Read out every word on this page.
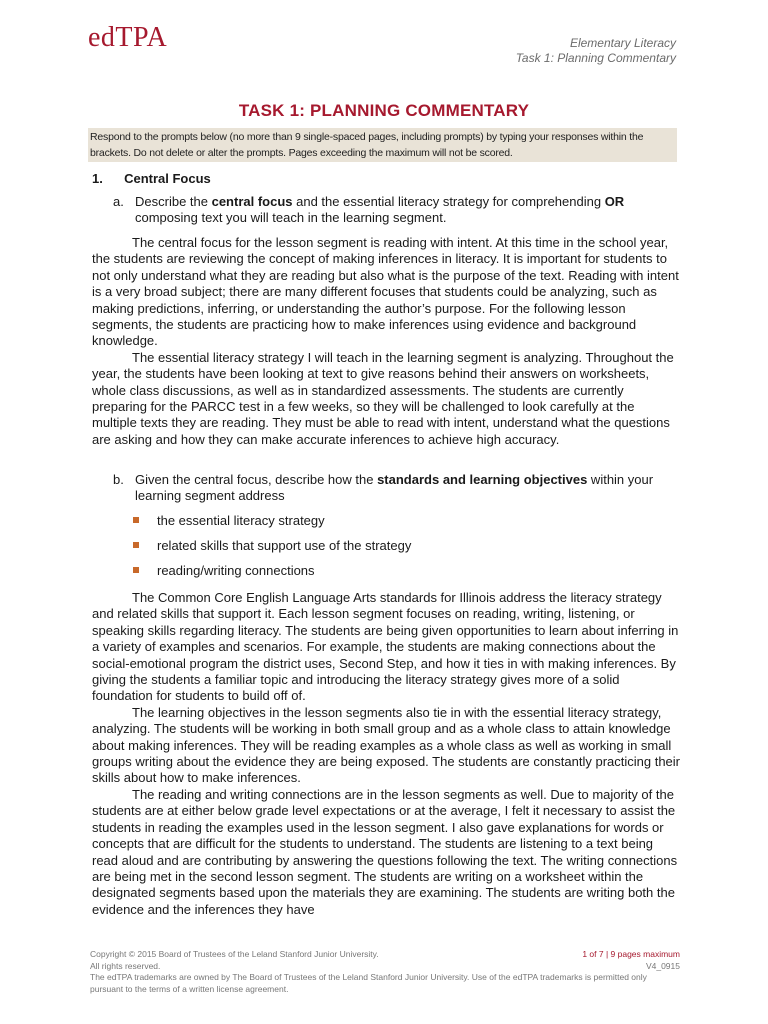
edTPA	Elementary Literacy
Task 1: Planning Commentary
TASK 1: PLANNING COMMENTARY
Respond to the prompts below (no more than 9 single-spaced pages, including prompts) by typing your responses within the brackets. Do not delete or alter the prompts. Pages exceeding the maximum will not be scored.
1. Central Focus
a. Describe the central focus and the essential literacy strategy for comprehending OR composing text you will teach in the learning segment.

The central focus for the lesson segment is reading with intent. At this time in the school year, the students are reviewing the concept of making inferences in literacy. It is important for students to not only understand what they are reading but also what is the purpose of the text. Reading with intent is a very broad subject; there are many different focuses that students could be analyzing, such as making predictions, inferring, or understanding the author’s purpose. For the following lesson segments, the students are practicing how to make inferences using evidence and background knowledge.

The essential literacy strategy I will teach in the learning segment is analyzing. Throughout the year, the students have been looking at text to give reasons behind their answers on worksheets, whole class discussions, as well as in standardized assessments. The students are currently preparing for the PARCC test in a few weeks, so they will be challenged to look carefully at the multiple texts they are reading. They must be able to read with intent, understand what the questions are asking and how they can make accurate inferences to achieve high accuracy.

b. Given the central focus, describe how the standards and learning objectives within your learning segment address
the essential literacy strategy
related skills that support use of the strategy
reading/writing connections

The Common Core English Language Arts standards for Illinois address the literacy strategy and related skills that support it. Each lesson segment focuses on reading, writing, listening, or speaking skills regarding literacy. The students are being given opportunities to learn about inferring in a variety of examples and scenarios. For example, the students are making connections about the social-emotional program the district uses, Second Step, and how it ties in with making inferences. By giving the students a familiar topic and introducing the literacy strategy gives more of a solid foundation for students to build off of.

The learning objectives in the lesson segments also tie in with the essential literacy strategy, analyzing. The students will be working in both small group and as a whole class to attain knowledge about making inferences. They will be reading examples as a whole class as well as working in small groups writing about the evidence they are being exposed. The students are constantly practicing their skills about how to make inferences.

The reading and writing connections are in the lesson segments as well. Due to majority of the students are at either below grade level expectations or at the average, I felt it necessary to assist the students in reading the examples used in the lesson segment. I also gave explanations for words or concepts that are difficult for the students to understand. The students are listening to a text being read aloud and are contributing by answering the questions following the text. The writing connections are being met in the second lesson segment. The students are writing on a worksheet within the designated segments based upon the materials they are examining. The students are writing both the evidence and the inferences they have

Copyright © 2015 Board of Trustees of the Leland Stanford Junior University.
All rights reserved.
The edTPA trademarks are owned by The Board of Trustees of the Leland Stanford Junior University. Use of the edTPA trademarks is permitted only pursuant to the terms of a written license agreement.
1 of 7 | 9 pages maximum
V4_0915
